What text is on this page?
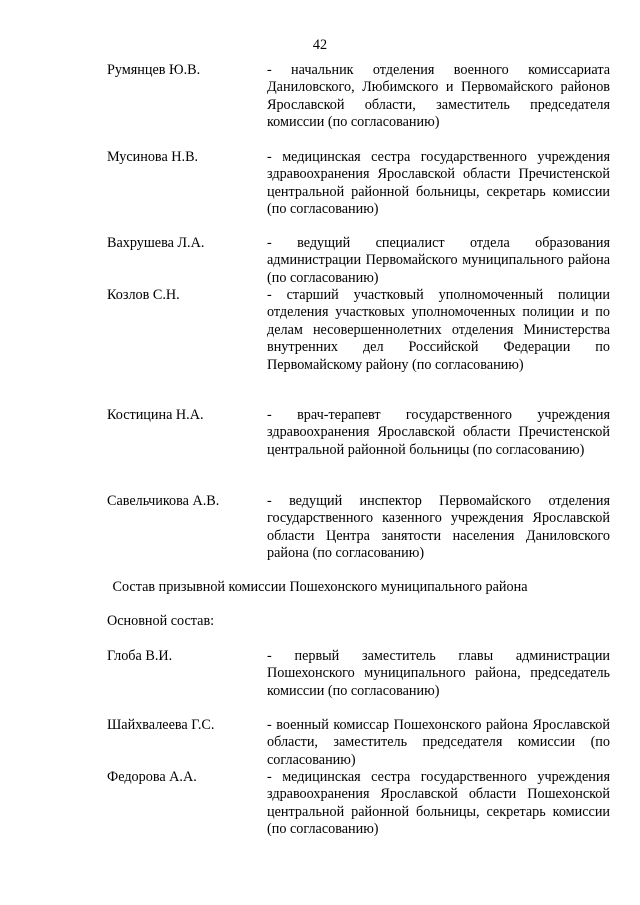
42
Румянцев Ю.В.	- начальник отделения военного комиссариата Даниловского, Любимского и Первомайского районов Ярославской области, заместитель председателя комиссии (по согласованию)
Мусинова Н.В.	- медицинская сестра государственного учреждения здравоохранения Ярославской области Пречистенской центральной районной больницы, секретарь комиссии (по согласованию)
Вахрушева Л.А.	- ведущий специалист отдела образования администрации Первомайского муниципального района (по согласованию)
Козлов С.Н.	- старший участковый уполномоченный полиции отделения участковых уполномоченных полиции и по делам несовершеннолетних отделения Министерства внутренних дел Российской Федерации по Первомайскому району (по согласованию)
Костицина Н.А.	- врач-терапевт государственного учреждения здравоохранения Ярославской области Пречистенской центральной районной больницы (по согласованию)
Савельчикова А.В.	- ведущий инспектор Первомайского отделения государственного казенного учреждения Ярославской области Центра занятости населения Даниловского района (по согласованию)
Состав призывной комиссии Пошехонского муниципального района
Основной состав:
Глоба В.И.	- первый заместитель главы администрации Пошехонского муниципального района, председатель комиссии (по согласованию)
Шайхвалеева Г.С.	- военный комиссар Пошехонского района Ярославской области, заместитель председателя комиссии (по согласованию)
Федорова А.А.	- медицинская сестра государственного учреждения здравоохранения Ярославской области Пошехонской центральной районной больницы, секретарь комиссии (по согласованию)
